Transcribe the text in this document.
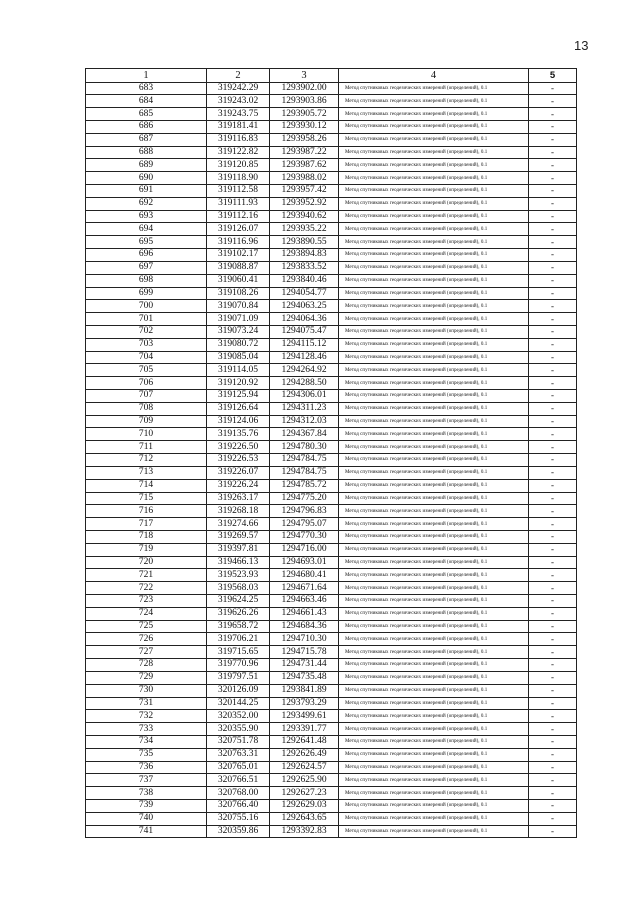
13
1	2	3	4	5
683	319242.29	1293902.00	Метод спутниковых геодезических измерений (определений), 0.1	-
684	319243.02	1293903.86	Метод спутниковых геодезических измерений (определений), 0.1	-
685	319243.75	1293905.72	Метод спутниковых геодезических измерений (определений), 0.1	-
686	319181.41	1293930.12	Метод спутниковых геодезических измерений (определений), 0.1	-
687	319116.83	1293958.26	Метод спутниковых геодезических измерений (определений), 0.1	-
688	319122.82	1293987.22	Метод спутниковых геодезических измерений (определений), 0.1	-
689	319120.85	1293987.62	Метод спутниковых геодезических измерений (определений), 0.1	-
690	319118.90	1293988.02	Метод спутниковых геодезических измерений (определений), 0.1	-
691	319112.58	1293957.42	Метод спутниковых геодезических измерений (определений), 0.1	-
692	319111.93	1293952.92	Метод спутниковых геодезических измерений (определений), 0.1	-
693	319112.16	1293940.62	Метод спутниковых геодезических измерений (определений), 0.1	-
694	319126.07	1293935.22	Метод спутниковых геодезических измерений (определений), 0.1	-
695	319116.96	1293890.55	Метод спутниковых геодезических измерений (определений), 0.1	-
696	319102.17	1293894.83	Метод спутниковых геодезических измерений (определений), 0.1	-
697	319088.87	1293833.52	Метод спутниковых геодезических измерений (определений), 0.1	-
698	319060.41	1293840.46	Метод спутниковых геодезических измерений (определений), 0.1	-
699	319108.26	1294054.77	Метод спутниковых геодезических измерений (определений), 0.1	-
700	319070.84	1294063.25	Метод спутниковых геодезических измерений (определений), 0.1	-
701	319071.09	1294064.36	Метод спутниковых геодезических измерений (определений), 0.1	-
702	319073.24	1294075.47	Метод спутниковых геодезических измерений (определений), 0.1	-
703	319080.72	1294115.12	Метод спутниковых геодезических измерений (определений), 0.1	-
704	319085.04	1294128.46	Метод спутниковых геодезических измерений (определений), 0.1	-
705	319114.05	1294264.92	Метод спутниковых геодезических измерений (определений), 0.1	-
706	319120.92	1294288.50	Метод спутниковых геодезических измерений (определений), 0.1	-
707	319125.94	1294306.01	Метод спутниковых геодезических измерений (определений), 0.1	-
708	319126.64	1294311.23	Метод спутниковых геодезических измерений (определений), 0.1	-
709	319124.06	1294312.03	Метод спутниковых геодезических измерений (определений), 0.1	-
710	319135.76	1294367.84	Метод спутниковых геодезических измерений (определений), 0.1	-
711	319226.50	1294780.30	Метод спутниковых геодезических измерений (определений), 0.1	-
712	319226.53	1294784.75	Метод спутниковых геодезических измерений (определений), 0.1	-
713	319226.07	1294784.75	Метод спутниковых геодезических измерений (определений), 0.1	-
714	319226.24	1294785.72	Метод спутниковых геодезических измерений (определений), 0.1	-
715	319263.17	1294775.20	Метод спутниковых геодезических измерений (определений), 0.1	-
716	319268.18	1294796.83	Метод спутниковых геодезических измерений (определений), 0.1	-
717	319274.66	1294795.07	Метод спутниковых геодезических измерений (определений), 0.1	-
718	319269.57	1294770.30	Метод спутниковых геодезических измерений (определений), 0.1	-
719	319397.81	1294716.00	Метод спутниковых геодезических измерений (определений), 0.1	-
720	319466.13	1294693.01	Метод спутниковых геодезических измерений (определений), 0.1	-
721	319523.93	1294680.41	Метод спутниковых геодезических измерений (определений), 0.1	-
722	319568.03	1294671.64	Метод спутниковых геодезических измерений (определений), 0.1	-
723	319624.25	1294663.46	Метод спутниковых геодезических измерений (определений), 0.1	-
724	319626.26	1294661.43	Метод спутниковых геодезических измерений (определений), 0.1	-
725	319658.72	1294684.36	Метод спутниковых геодезических измерений (определений), 0.1	-
726	319706.21	1294710.30	Метод спутниковых геодезических измерений (определений), 0.1	-
727	319715.65	1294715.78	Метод спутниковых геодезических измерений (определений), 0.1	-
728	319770.96	1294731.44	Метод спутниковых геодезических измерений (определений), 0.1	-
729	319797.51	1294735.48	Метод спутниковых геодезических измерений (определений), 0.1	-
730	320126.09	1293841.89	Метод спутниковых геодезических измерений (определений), 0.1	-
731	320144.25	1293793.29	Метод спутниковых геодезических измерений (определений), 0.1	-
732	320352.00	1293499.61	Метод спутниковых геодезических измерений (определений), 0.1	-
733	320355.90	1293391.77	Метод спутниковых геодезических измерений (определений), 0.1	-
734	320751.78	1292641.48	Метод спутниковых геодезических измерений (определений), 0.1	-
735	320763.31	1292626.49	Метод спутниковых геодезических измерений (определений), 0.1	-
736	320765.01	1292624.57	Метод спутниковых геодезических измерений (определений), 0.1	-
737	320766.51	1292625.90	Метод спутниковых геодезических измерений (определений), 0.1	-
738	320768.00	1292627.23	Метод спутниковых геодезических измерений (определений), 0.1	-
739	320766.40	1292629.03	Метод спутниковых геодезических измерений (определений), 0.1	-
740	320755.16	1292643.65	Метод спутниковых геодезических измерений (определений), 0.1	-
741	320359.86	1293392.83	Метод спутниковых геодезических измерений (определений), 0.1	-
